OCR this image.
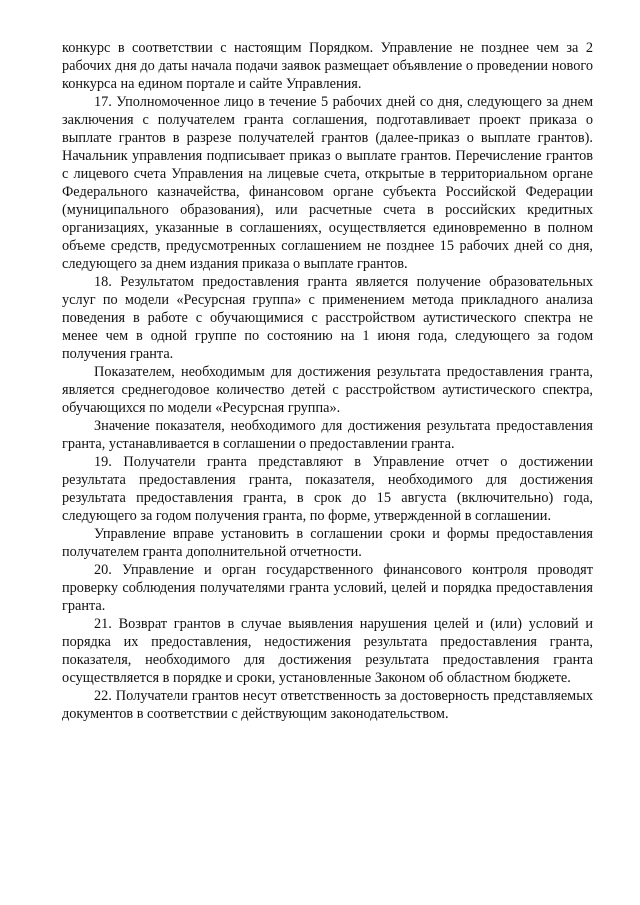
конкурс в соответствии с настоящим Порядком. Управление не позднее чем за 2 рабочих дня до даты начала подачи заявок размещает объявление о проведении нового конкурса на едином портале и сайте Управления.

17. Уполномоченное лицо в течение 5 рабочих дней со дня, следующего за днем заключения с получателем гранта соглашения, подготавливает проект приказа о выплате грантов в разрезе получателей грантов (далее-приказ о выплате грантов). Начальник управления подписывает приказ о выплате грантов. Перечисление грантов с лицевого счета Управления на лицевые счета, открытые в территориальном органе Федерального казначейства, финансовом органе субъекта Российской Федерации (муниципального образования), или расчетные счета в российских кредитных организациях, указанные в соглашениях, осуществляется единовременно в полном объеме средств, предусмотренных соглашением не позднее 15 рабочих дней со дня, следующего за днем издания приказа о выплате грантов.

18. Результатом предоставления гранта является получение образовательных услуг по модели «Ресурсная группа» с применением метода прикладного анализа поведения в работе с обучающимися с расстройством аутистического спектра не менее чем в одной группе по состоянию на 1 июня года, следующего за годом получения гранта.

Показателем, необходимым для достижения результата предоставления гранта, является среднегодовое количество детей с расстройством аутистического спектра, обучающихся по модели «Ресурсная группа».

Значение показателя, необходимого для достижения результата предоставления гранта, устанавливается в соглашении о предоставлении гранта.

19. Получатели гранта представляют в Управление отчет о достижении результата предоставления гранта, показателя, необходимого для достижения результата предоставления гранта, в срок до 15 августа (включительно) года, следующего за годом получения гранта, по форме, утвержденной в соглашении.

Управление вправе установить в соглашении сроки и формы предоставления получателем гранта дополнительной отчетности.

20. Управление и орган государственного финансового контроля проводят проверку соблюдения получателями гранта условий, целей и порядка предоставления гранта.

21. Возврат грантов в случае выявления нарушения целей и (или) условий и порядка их предоставления, недостижения результата предоставления гранта, показателя, необходимого для достижения результата предоставления гранта осуществляется в порядке и сроки, установленные Законом об областном бюджете.

22. Получатели грантов несут ответственность за достоверность представляемых документов в соответствии с действующим законодательством.
